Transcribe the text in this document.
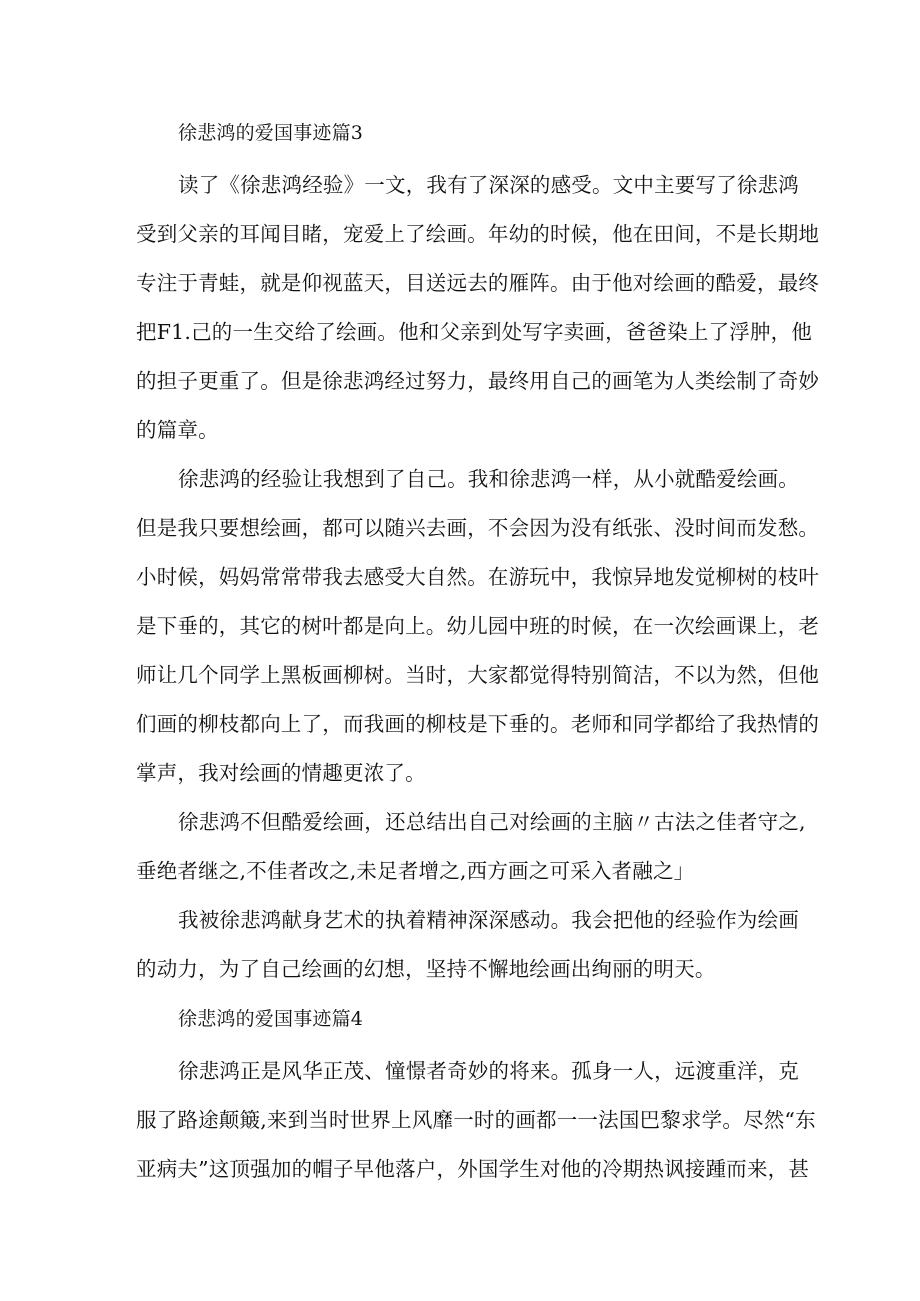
徐悲鸿的爱国事迹篇3
读了《徐悲鸿经验》一文，我有了深深的感受。文中主要写了徐悲鸿
受到父亲的耳闻目睹，宠爱上了绘画。年幼的时候，他在田间，不是长期地
专注于青蛙，就是仰视蓝天，目送远去的雁阵。由于他对绘画的酷爱，最终
把F1.己的一生交给了绘画。他和父亲到处写字卖画，爸爸染上了浮肿，他
的担子更重了。但是徐悲鸿经过努力，最终用自己的画笔为人类绘制了奇妙
的篇章。
徐悲鸿的经验让我想到了自己。我和徐悲鸿一样，从小就酷爱绘画。
但是我只要想绘画，都可以随兴去画，不会因为没有纸张、没时间而发愁。
小时候，妈妈常常带我去感受大自然。在游玩中，我惊异地发觉柳树的枝叶
是下垂的，其它的树叶都是向上。幼儿园中班的时候，在一次绘画课上，老
师让几个同学上黑板画柳树。当时，大家都觉得特别简洁，不以为然，但他
们画的柳枝都向上了，而我画的柳枝是下垂的。老师和同学都给了我热情的
掌声，我对绘画的情趣更浓了。
徐悲鸿不但酷爱绘画，还总结出自己对绘画的主脑〃古法之佳者守之,
垂绝者继之,不佳者改之,未足者增之,西方画之可采入者融之」
我被徐悲鸿献身艺术的执着精神深深感动。我会把他的经验作为绘画
的动力，为了自己绘画的幻想，坚持不懈地绘画出绚丽的明天。
徐悲鸿的爱国事迹篇4
徐悲鸿正是风华正茂、憧憬者奇妙的将来。孤身一人，远渡重洋，克
服了路途颠簸,来到当时世界上风靡一时的画都一一法国巴黎求学。尽然“东
亚病夫”这顶强加的帽子早他落户，外国学生对他的冷期热讽接踵而来，甚
